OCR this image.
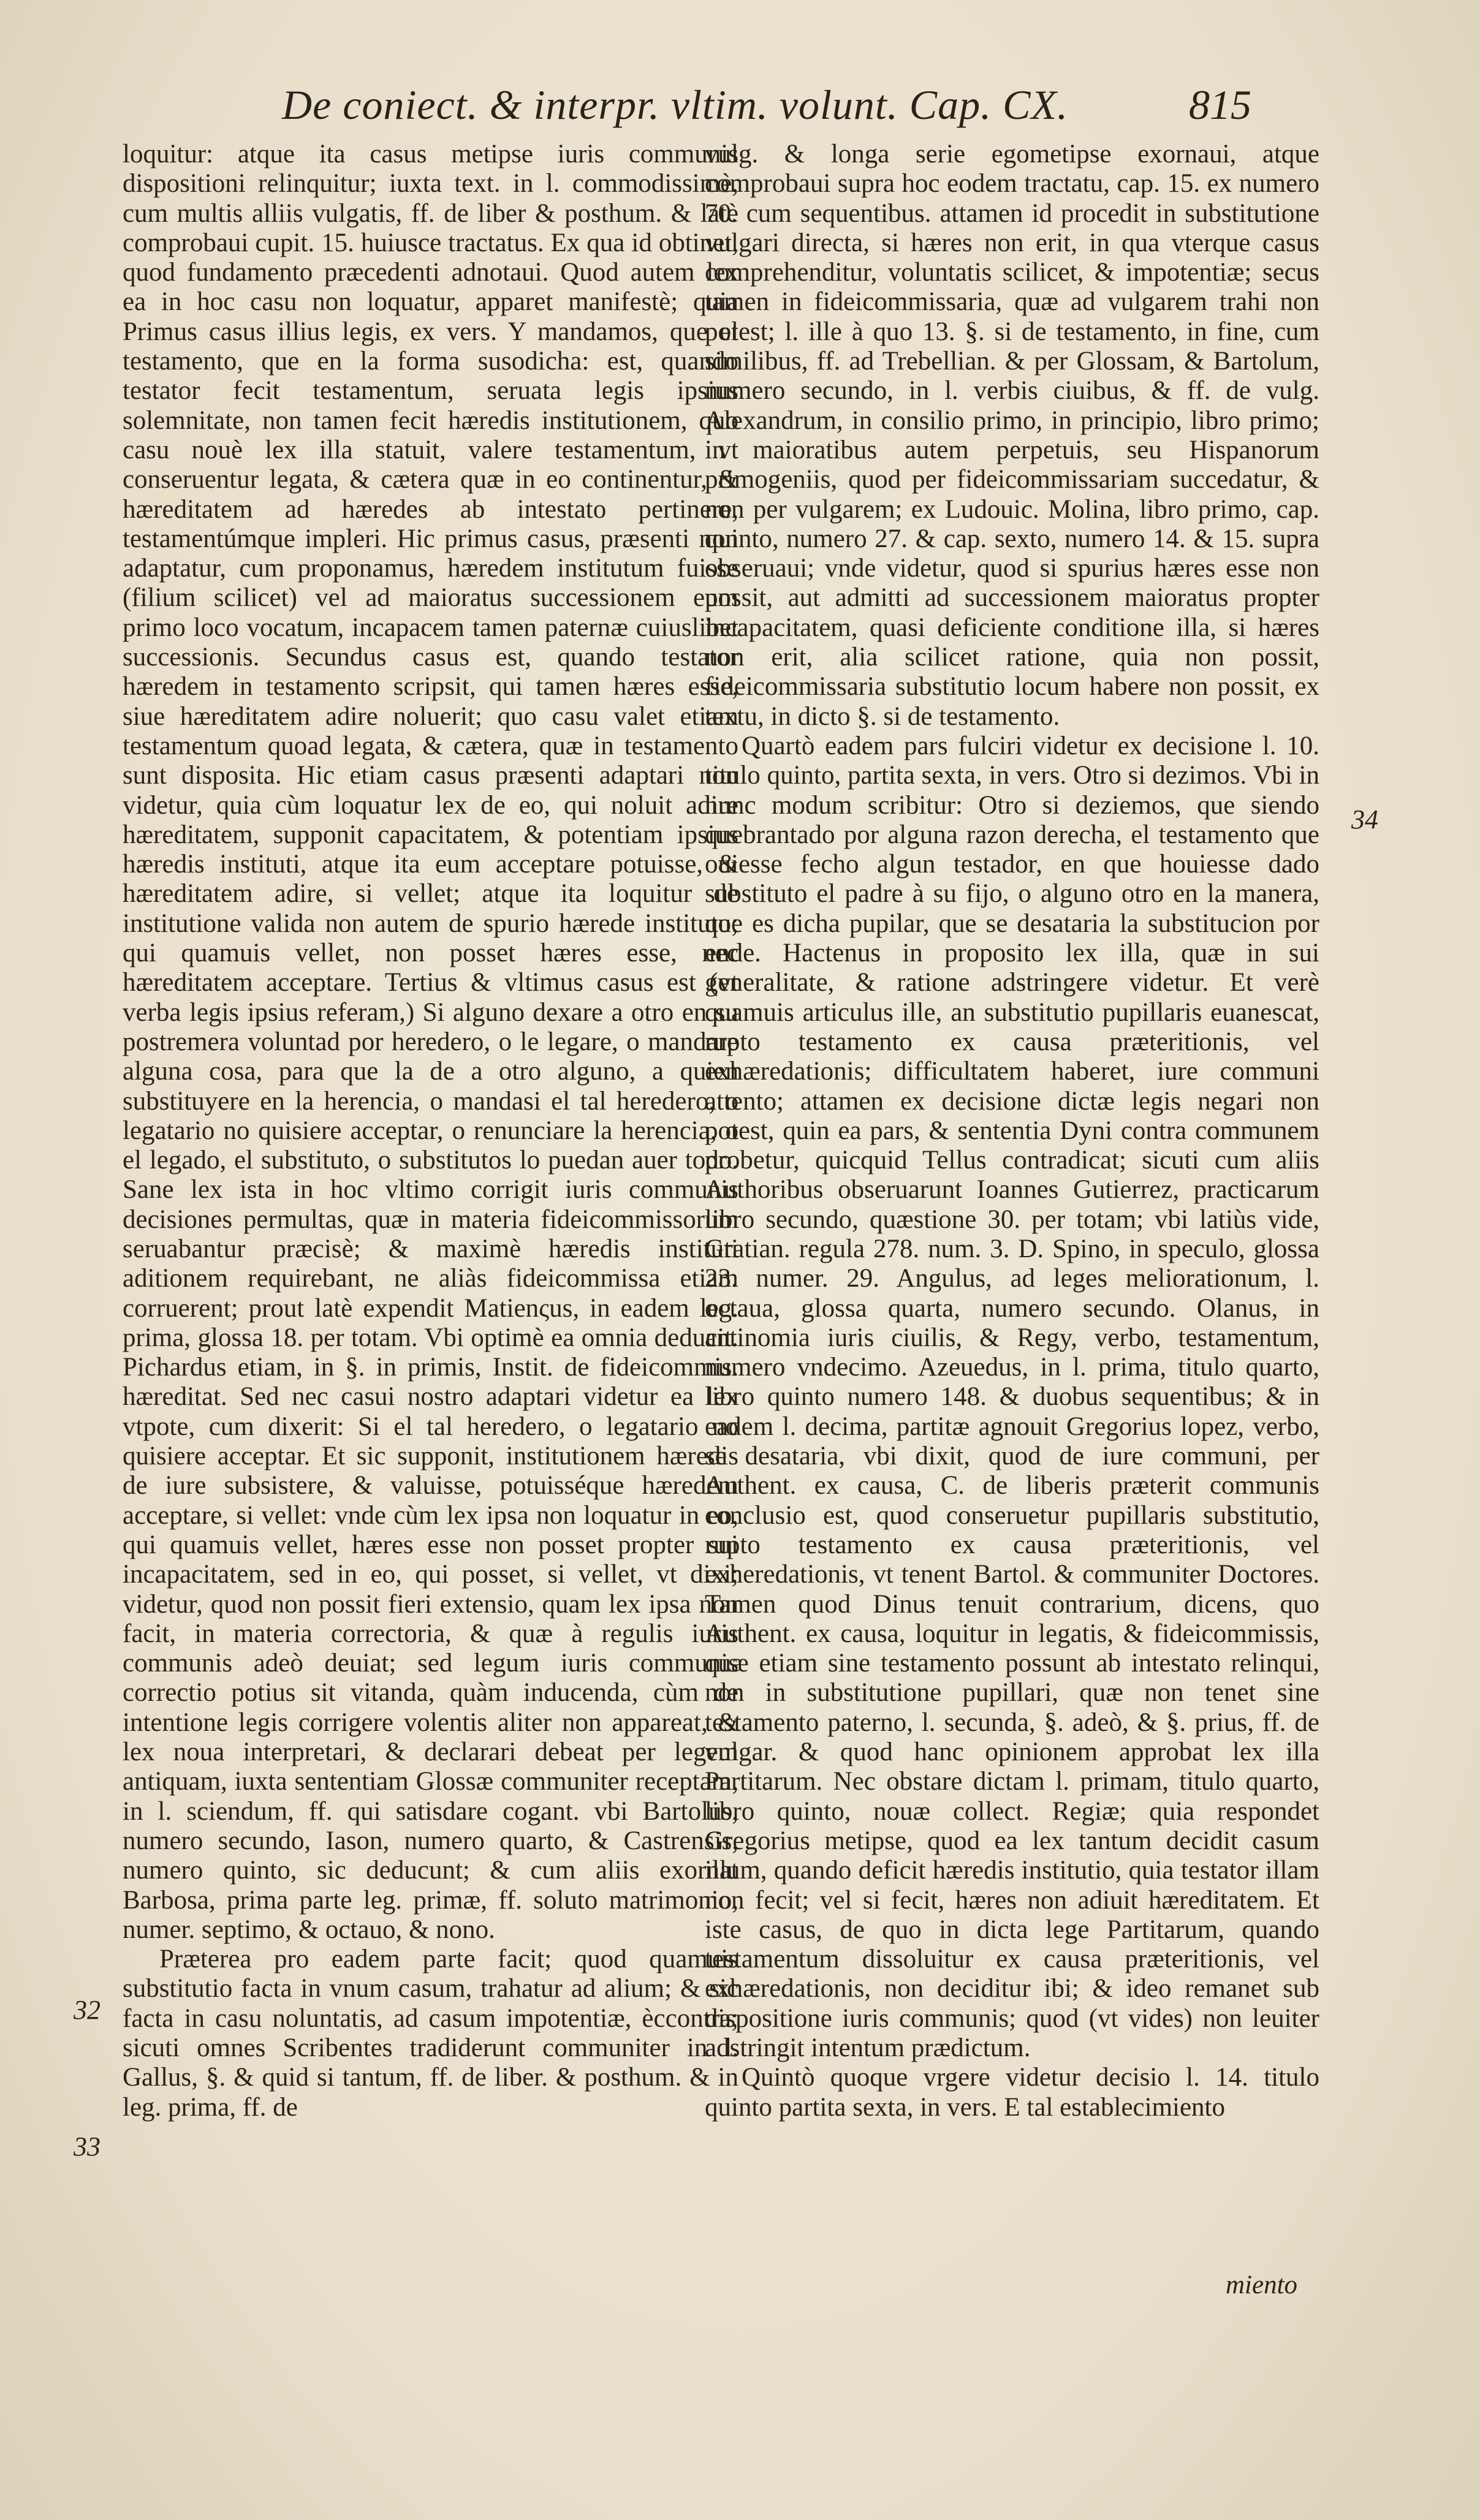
De coniect. & interpr. vltim. volunt. Cap. CX.	815

loquitur: atque ita casus metipse iuris communis dispositioni relinquitur; iuxta text. in l. commodissimè, cum multis alliis vulgatis, ff. de liber & posthum. & latè comprobaui cupit. 15. huiusce tractatus. Ex qua id obtinet, quod fundamento præcedenti adnotaui. Quod autem lex ea in hoc casu non loquatur, apparet manifestè; quia Primus casus illius legis, ex vers. Y mandamos, que el testamento, que en la forma susodicha: est, quando testator fecit testamentum, seruata legis ipsius solemnitate, non tamen fecit hæredis institutionem, quo casu nouè lex illa statuit, valere testamentum, vt conseruentur legata, & cætera quæ in eo continentur, & hæreditatem ad hæredes ab intestato pertinere, testamentúmque impleri. Hic primus casus, præsenti non adaptatur, cum proponamus, hæredem institutum fuisse (filium scilicet) vel ad maioratus successionem eum primo loco vocatum, incapacem tamen paternæ cuiuslibet successionis. Secundus casus est, quando testator hæredem in testamento scripsit, qui tamen hæres esse, siue hæreditatem adire noluerit; quo casu valet etiam testamentum quoad legata, & cætera, quæ in testamento sunt disposita. Hic etiam casus præsenti adaptari non videtur, quia cùm loquatur lex de eo, qui noluit adire hæreditatem, supponit capacitatem, & potentiam ipsius hæredis instituti, atque ita eum acceptare potuisse, & hæreditatem adire, si vellet; atque ita loquitur de institutione valida non autem de spurio hærede instituto; qui quamuis vellet, non posset hæres esse, nec hæreditatem acceptare. Tertius & vltimus casus est (vt verba legis ipsius referam,) Si alguno dexare a otro en su postremera voluntad por heredero, o le legare, o mandare alguna cosa, para que la de a otro alguno, a quien substituyere en la herencia, o mandasi el tal heredero, o legatario no quisiere acceptar, o renunciare la herencia, o el legado, el substituto, o substitutos lo puedan auer todo. Sane lex ista in hoc vltimo corrigit iuris communis decisiones permultas, quæ in materia fideicommissorum seruabantur præcisè; & maximè hæredis instituti aditionem requirebant, ne aliàs fideicommissa etiam corruerent; prout latè expendit Matienςus, in eadem leg. prima, glossa 18. per totam. Vbi optimè ea omnia deducit. Pichardus etiam, in §. in primis, Instit. de fideicommis. hæreditat. Sed nec casui nostro adaptari videtur ea lex vtpote, cum dixerit: Si el tal heredero, o legatario no quisiere acceptar. Et sic supponit, institutionem hæredis de iure subsistere, & valuisse, potuisséque hæredem acceptare, si vellet: vnde cùm lex ipsa non loquatur in eo, qui quamuis vellet, hæres esse non posset propter sui incapacitatem, sed in eo, qui posset, si vellet, vt dixi; videtur, quod non possit fieri extensio, quam lex ipsa non facit, in materia correctoria, & quæ à regulis iuris communis adeò deuiat; sed legum iuris communis correctio potius sit vitanda, quàm inducenda, cùm de intentione legis corrigere volentis aliter non appareat, & lex noua interpretari, & declarari debeat per legem antiquam, iuxta sententiam Glossæ communiter receptam, in l. sciendum, ff. qui satisdare cogant. vbi Bartolus, numero secundo, Iason, numero quarto, & Castrensis, numero quinto, sic deducunt; & cum aliis exornat Barbosa, prima parte leg. primæ, ff. soluto matrimonio, numer. septimo, & octauo, & nono.

Præterea pro eadem parte facit; quod quamuis substitutio facta in vnum casum, trahatur ad alium; & sic facta in casu noluntatis, ad casum impotentiæ, èccontra; sicuti omnes Scribentes tradiderunt communiter in l. Gallus, §. & quid si tantum, ff. de liber. & posthum. & in leg. prima, ff. de

vulg. & longa serie egometipse exornaui, atque comprobaui supra hoc eodem tractatu, cap. 15. ex numero 70. cum sequentibus. attamen id procedit in substitutione vulgari directa, si hæres non erit, in qua vterque casus comprehenditur, voluntatis scilicet, & impotentiæ; secus tamen in fideicommissaria, quæ ad vulgarem trahi non potest; l. ille à quo 13. §. si de testamento, in fine, cum similibus, ff. ad Trebellian. & per Glossam, & Bartolum, numero secundo, in l. verbis ciuibus, & ff. de vulg. Alexandrum, in consilio primo, in principio, libro primo; in maioratibus autem perpetuis, seu Hispanorum primogeniis, quod per fideicommissariam succedatur, & non per vulgarem; ex Ludouic. Molina, libro primo, cap. quinto, numero 27. & cap. sexto, numero 14. & 15. supra obseruaui; vnde videtur, quod si spurius hæres esse non possit, aut admitti ad successionem maioratus propter incapacitatem, quasi deficiente conditione illa, si hæres non erit, alia scilicet ratione, quia non possit, fideicommissaria substitutio locum habere non possit, ex textu, in dicto §. si de testamento.

Quartò eadem pars fulciri videtur ex decisione l. 10. titulo quinto, partita sexta, in vers. Otro si dezimos. Vbi in hunc modum scribitur: Otro si deziemos, que siendo quebrantado por alguna razon derecha, el testamento que ouiesse fecho algun testador, en que houiesse dado substituto el padre à su fijo, o alguno otro en la manera, que es dicha pupilar, que se desataria la substitucion por ende. Hactenus in proposito lex illa, quæ in sui generalitate, & ratione adstringere videtur. Et verè quamuis articulus ille, an substitutio pupillaris euanescat, rupto testamento ex causa præteritionis, vel exhæredationis; difficultatem haberet, iure communi attento; attamen ex decisione dictæ legis negari non potest, quin ea pars, & sententia Dyni contra communem probetur, quicquid Tellus contradicat; sicuti cum aliis Authoribus obseruarunt Ioannes Gutierrez, practicarum libro secundo, quæstione 30. per totam; vbi latiùs vide, Gratian. regula 278. num. 3. D. Spino, in speculo, glossa 23. numer. 29. Angulus, ad leges meliorationum, l. octaua, glossa quarta, numero secundo. Olanus, in antinomia iuris ciuilis, & Regy, verbo, testamentum, numero vndecimo. Azeuedus, in l. prima, titulo quarto, libro quinto numero 148. & duobus sequentibus; & in eadem l. decima, partitæ agnouit Gregorius lopez, verbo, se desataria, vbi dixit, quod de iure communi, per Authent. ex causa, C. de liberis præterit communis conclusio est, quod conseruetur pupillaris substitutio, rupto testamento ex causa præteritionis, vel exheredationis, vt tenent Bartol. & communiter Doctores. Tamen quod Dinus tenuit contrarium, dicens, quo Authent. ex causa, loquitur in legatis, & fideicommissis, quæ etiam sine testamento possunt ab intestato relinqui, non in substitutione pupillari, quæ non tenet sine testamento paterno, l. secunda, §. adeò, & §. prius, ff. de vulgar. & quod hanc opinionem approbat lex illa Partitarum. Nec obstare dictam l. primam, titulo quarto, libro quinto, nouæ collect. Regiæ; quia respondet Gregorius metipse, quod ea lex tantum decidit casum illum, quando deficit hæredis institutio, quia testator illam non fecit; vel si fecit, hæres non adiuit hæreditatem. Et iste casus, de quo in dicta lege Partitarum, quando testamentum dissoluitur ex causa præteritionis, vel exhæredationis, non deciditur ibi; & ideo remanet sub dispositione iuris communis; quod (vt vides) non leuiter adstringit intentum prædictum.

Quintò quoque vrgere videtur decisio l. 14. titulo quinto partita sexta, in vers. E tal establecimiento

32
33
34
miento
